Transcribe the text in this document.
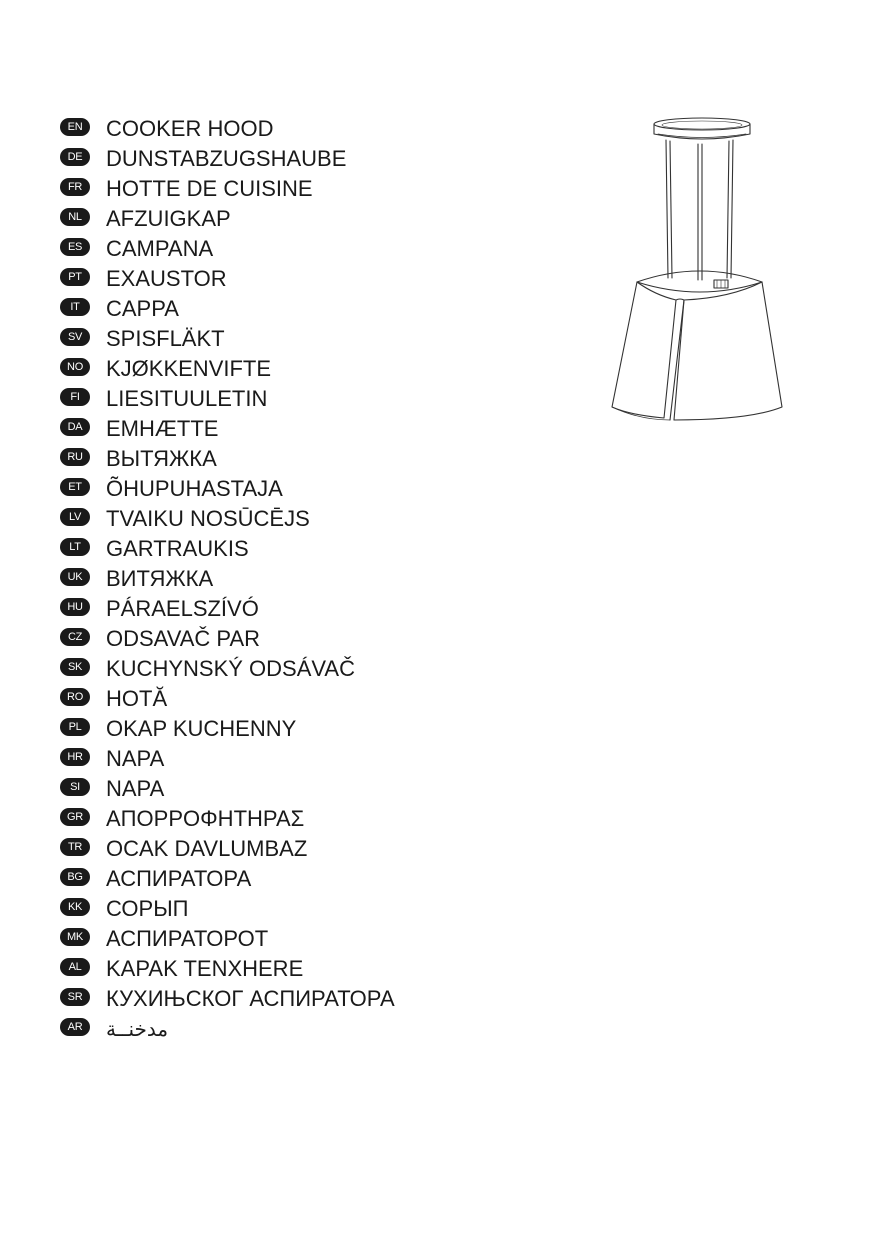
EN	COOKER HOOD
DE	DUNSTABZUGSHAUBE
FR	HOTTE DE CUISINE
NL	AFZUIGKAP
ES	CAMPANA
PT	EXAUSTOR
IT	CAPPA
SV	SPISFLÄKT
NO	KJØKKENVIFTE
FI	LIESITUULETIN
DA	EMHÆTTE
RU	ВЫТЯЖКА
ET	ÕHUPUHASTAJA
LV	TVAIKU NOSŪCĒJS
LT	GARTRAUKIS
UK	ВИТЯЖКА
HU	PÁRAELSZÍVÓ
CZ	ODSAVAČ PAR
SK	KUCHYNSKÝ ODSÁVAČ
RO	HOTĂ
PL	OKAP KUCHENNY
HR	NAPA
SI	NAPA
GR	ΑΠΟΡΡΟΦΗΤΗΡΑΣ
TR	OCAK DAVLUMBAZ
BG	АСПИРАТОРА
KK	СОРЫП
MK	АСПИРАТОРОТ
AL	KAPAK TENXHERE
SR	КУХИЊСКОГ АСПИРАТОРА
AR	مدخنــة
